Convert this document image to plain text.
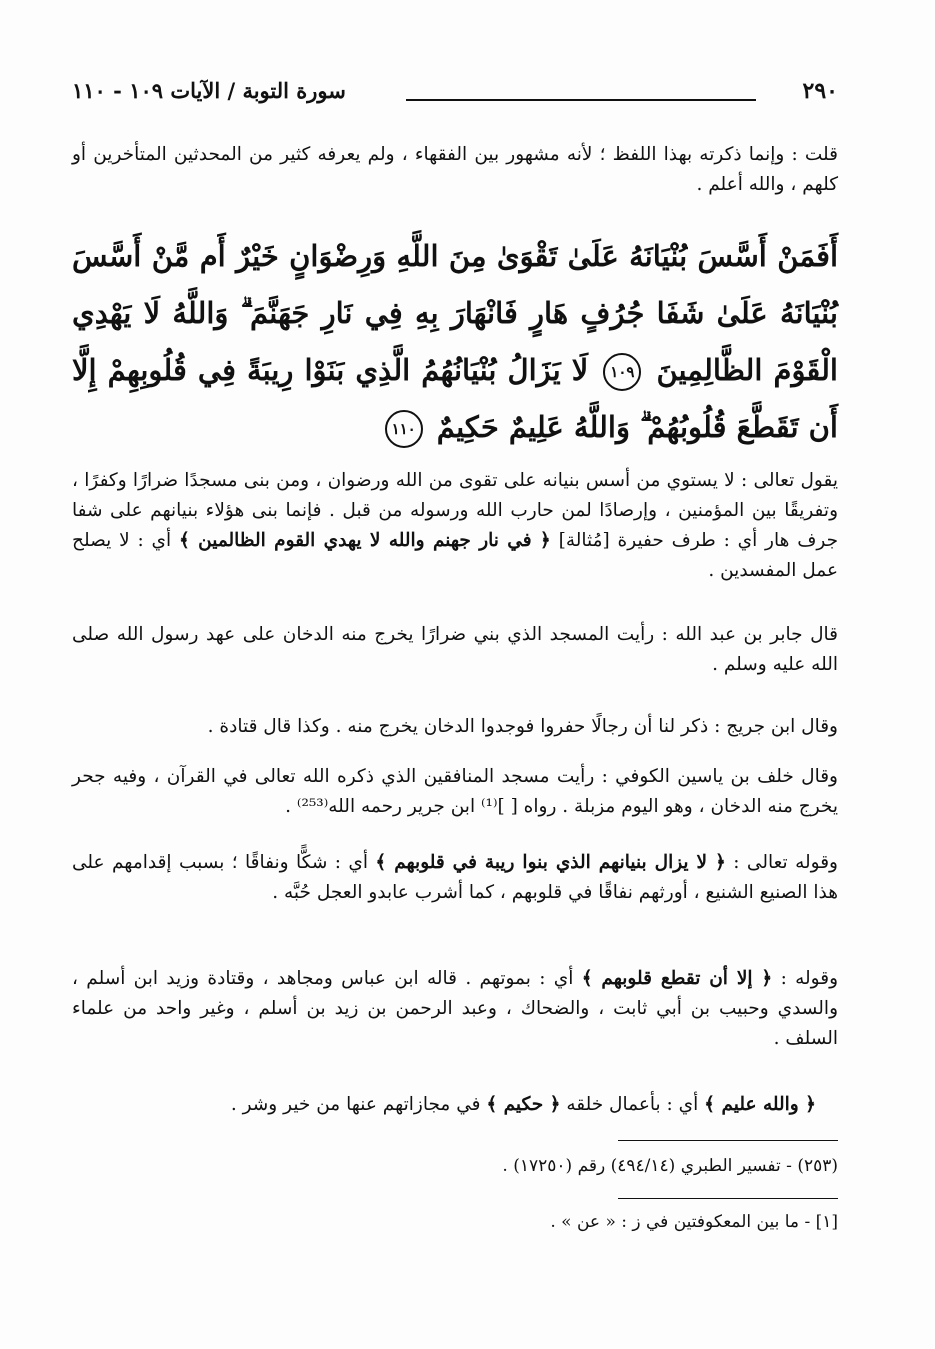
٢٩٠
سورة التوبة / الآيات ١٠٩ - ١١٠

قلت : وإنما ذكرته بهذا اللفظ ؛ لأنه مشهور بين الفقهاء ، ولم يعرفه كثير من المحدثين المتأخرين أو كلهم ، والله أعلم .

أَفَمَنْ أَسَّسَ بُنْيَانَهُ عَلَىٰ تَقْوَىٰ مِنَ اللَّهِ وَرِضْوَانٍ خَيْرٌ أَم مَّنْ أَسَّسَ بُنْيَانَهُ عَلَىٰ شَفَا جُرُفٍ هَارٍ فَانْهَارَ بِهِ فِي نَارِ جَهَنَّمَ ۗ وَاللَّهُ لَا يَهْدِي الْقَوْمَ الظَّالِمِينَ ١٠٩ لَا يَزَالُ بُنْيَانُهُمُ الَّذِي بَنَوْا رِيبَةً فِي قُلُوبِهِمْ إِلَّا أَن تَقَطَّعَ قُلُوبُهُمْ ۗ وَاللَّهُ عَلِيمٌ حَكِيمٌ ١١٠

يقول تعالى : لا يستوي من أسس بنيانه على تقوى من الله ورضوان ، ومن بنى مسجدًا ضرارًا وكفرًا ، وتفريقًا بين المؤمنين ، وإرصادًا لمن حارب الله ورسوله من قبل . فإنما بنى هؤلاء بنيانهم على شفا جرف هار أي : طرف حفيرة [مُثالة] ﴿ في نار جهنم والله لا يهدي القوم الظالمين ﴾ أي : لا يصلح عمل المفسدين .

قال جابر بن عبد الله : رأيت المسجد الذي بني ضرارًا يخرج منه الدخان على عهد رسول الله صلى الله عليه وسلم .

وقال ابن جريج : ذكر لنا أن رجالًا حفروا فوجدوا الدخان يخرج منه . وكذا قال قتادة .

وقال خلف بن ياسين الكوفي : رأيت مسجد المنافقين الذي ذكره الله تعالى في القرآن ، وفيه جحر يخرج منه الدخان ، وهو اليوم مزبلة . رواه [ ]⁽¹⁾ ابن جرير رحمه الله⁽²⁵³⁾ .

وقوله تعالى : ﴿ لا يزال بنيانهم الذي بنوا ريبة في قلوبهم ﴾ أي : شكًّا ونفاقًا ؛ بسبب إقدامهم على هذا الصنيع الشنيع ، أورثهم نفاقًا في قلوبهم ، كما أشرب عابدو العجل حُبَّه .

وقوله : ﴿ إلا أن تقطع قلوبهم ﴾ أي : بموتهم . قاله ابن عباس ومجاهد ، وقتادة وزيد ابن أسلم ، والسدي وحبيب بن أبي ثابت ، والضحاك ، وعبد الرحمن بن زيد بن أسلم ، وغير واحد من علماء السلف .

﴿ والله عليم ﴾ أي : بأعمال خلقه ﴿ حكيم ﴾ في مجازاتهم عنها من خير وشر .

(٢٥٣) - تفسير الطبري (٤٩٤/١٤) رقم (١٧٢٥٠) .

[١] - ما بين المعكوفتين في ز : « عن » .
